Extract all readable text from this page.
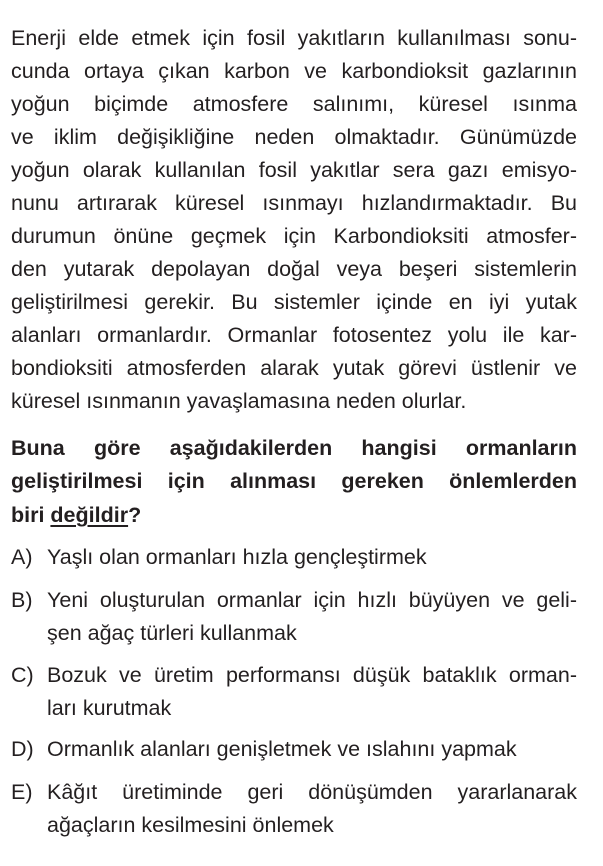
Enerji elde etmek için fosil yakıtların kullanılması sonu-
cunda ortaya çıkan karbon ve karbondioksit gazlarının
yoğun biçimde atmosfere salınımı, küresel ısınma
ve iklim değişikliğine neden olmaktadır. Günümüzde
yoğun olarak kullanılan fosil yakıtlar sera gazı emisyo-
nunu artırarak küresel ısınmayı hızlandırmaktadır. Bu
durumun önüne geçmek için Karbondioksiti atmosfer-
den yutarak depolayan doğal veya beşeri sistemlerin
geliştirilmesi gerekir. Bu sistemler içinde en iyi yutak
alanları ormanlardır. Ormanlar fotosentez yolu ile kar-
bondioksiti atmosferden alarak yutak görevi üstlenir ve
küresel ısınmanın yavaşlamasına neden olurlar.
Buna göre aşağıdakilerden hangisi ormanların
geliştirilmesi için alınması gereken önlemlerden
biri değildir?
A) Yaşlı olan ormanları hızla gençleştirmek
B) Yeni oluşturulan ormanlar için hızlı büyüyen ve geli-
şen ağaç türleri kullanmak
C) Bozuk ve üretim performansı düşük bataklık orman-
ları kurutmak
D) Ormanlık alanları genişletmek ve ıslahını yapmak
E) Kâğıt üretiminde geri dönüşümden yararlanarak
ağaçların kesilmesini önlemek
